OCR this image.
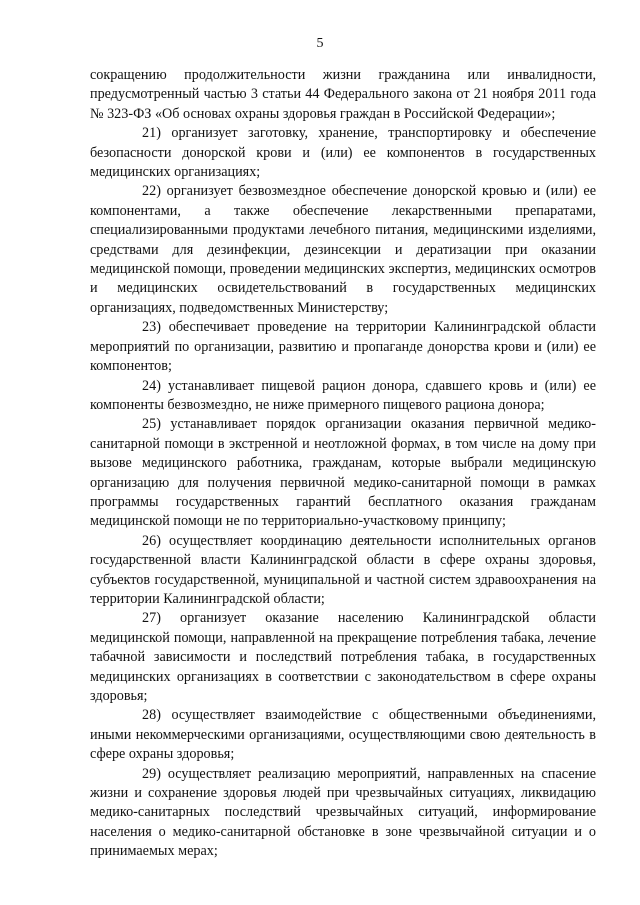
5

сокращению продолжительности жизни гражданина или инвалидности, предусмотренный частью 3 статьи 44 Федерального закона от 21 ноября 2011 года № 323-ФЗ «Об основах охраны здоровья граждан в Российской Федерации»;

21) организует заготовку, хранение, транспортировку и обеспечение безопасности донорской крови и (или) ее компонентов в государственных медицинских организациях;

22) организует безвозмездное обеспечение донорской кровью и (или) ее компонентами, а также обеспечение лекарственными препаратами, специализированными продуктами лечебного питания, медицинскими изделиями, средствами для дезинфекции, дезинсекции и дератизации при оказании медицинской помощи, проведении медицинских экспертиз, медицинских осмотров и медицинских освидетельствований в государственных медицинских организациях, подведомственных Министерству;

23) обеспечивает проведение на территории Калининградской области мероприятий по организации, развитию и пропаганде донорства крови и (или) ее компонентов;

24) устанавливает пищевой рацион донора, сдавшего кровь и (или) ее компоненты безвозмездно, не ниже примерного пищевого рациона донора;

25) устанавливает порядок организации оказания первичной медико-санитарной помощи в экстренной и неотложной формах, в том числе на дому при вызове медицинского работника, гражданам, которые выбрали медицинскую организацию для получения первичной медико-санитарной помощи в рамках программы государственных гарантий бесплатного оказания гражданам медицинской помощи не по территориально-участковому принципу;

26) осуществляет координацию деятельности исполнительных органов государственной власти Калининградской области в сфере охраны здоровья, субъектов государственной, муниципальной и частной систем здравоохранения на территории Калининградской области;

27) организует оказание населению Калининградской области медицинской помощи, направленной на прекращение потребления табака, лечение табачной зависимости и последствий потребления табака, в государственных медицинских организациях в соответствии с законодательством в сфере охраны здоровья;

28) осуществляет взаимодействие с общественными объединениями, иными некоммерческими организациями, осуществляющими свою деятельность в сфере охраны здоровья;

29) осуществляет реализацию мероприятий, направленных на спасение жизни и сохранение здоровья людей при чрезвычайных ситуациях, ликвидацию медико-санитарных последствий чрезвычайных ситуаций, информирование населения о медико-санитарной обстановке в зоне чрезвычайной ситуации и о принимаемых мерах;
